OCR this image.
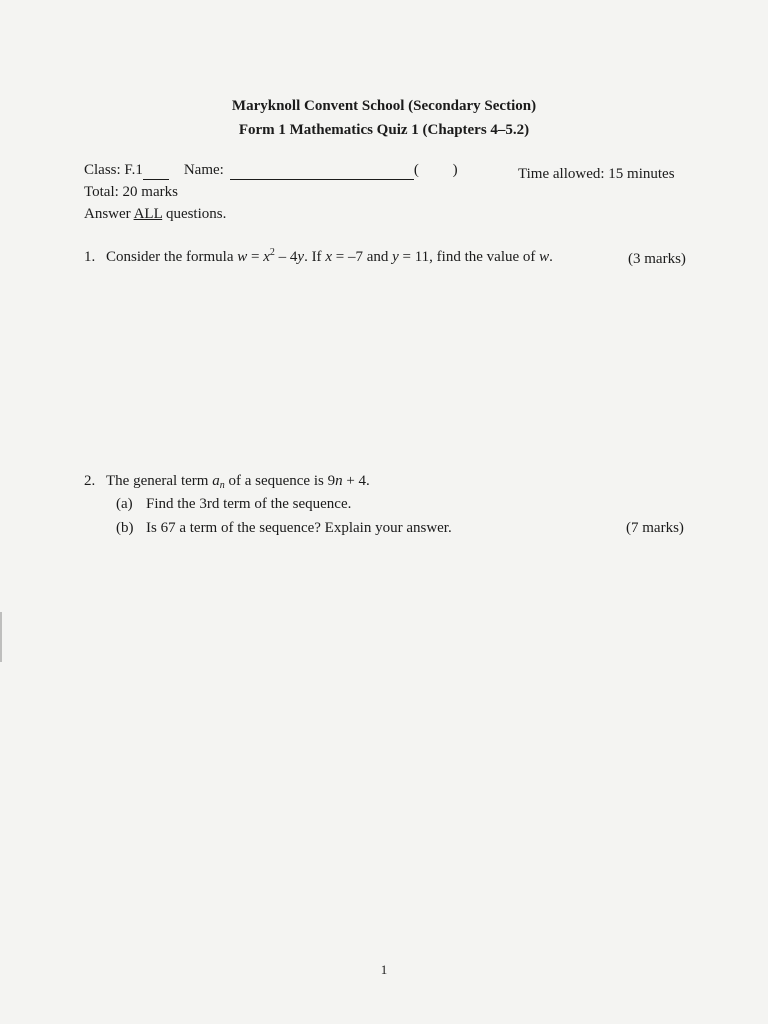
Maryknoll Convent School (Secondary Section)
Form 1 Mathematics Quiz 1 (Chapters 4–5.2)
Class: F.1	Name:	( )	Time allowed: 15 minutes
Total: 20 marks
Answer ALL questions.
1. Consider the formula $w = x^2 - 4y$. If x = –7 and y = 11, find the value of w.	(3 marks)
2. The general term $a_n$ of a sequence is 9n + 4.
(a) Find the 3rd term of the sequence.
(b) Is 67 a term of the sequence? Explain your answer.	(7 marks)
1
